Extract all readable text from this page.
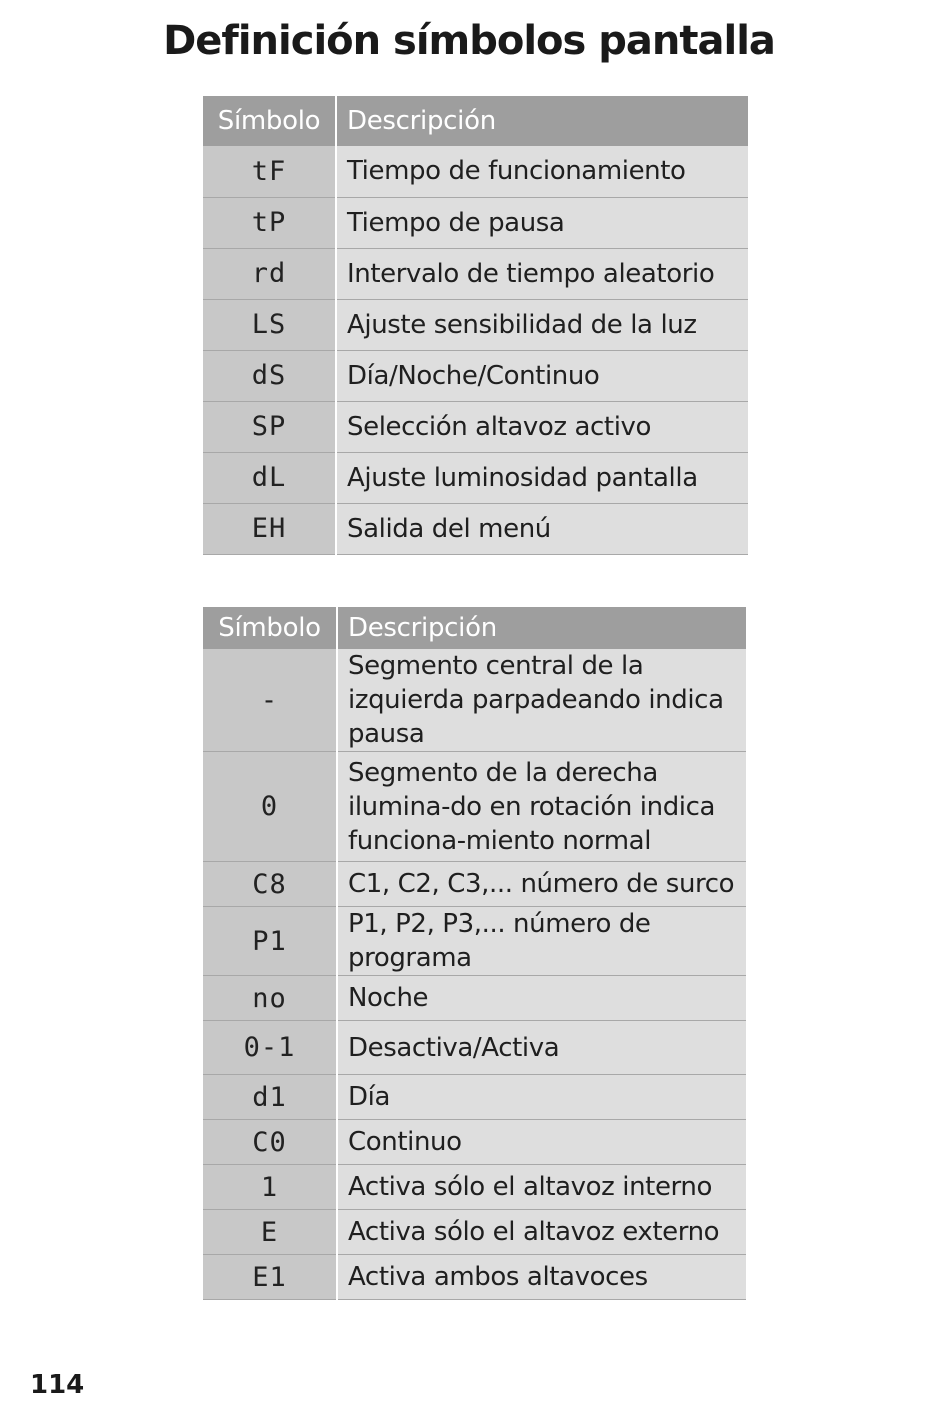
Definición símbolos pantalla
Símbolo	Descripción
tF	Tiempo de funcionamiento
tP	Tiempo de pausa
rd	Intervalo de tiempo aleatorio
LS	Ajuste sensibilidad de la luz
dS	Día/Noche/Continuo
SP	Selección altavoz activo
dL	Ajuste luminosidad pantalla
EH	Salida del menú
Símbolo	Descripción
-	Segmento central de la izquierda parpadeando indica pausa
0	Segmento de la derecha ilumina-do en rotación indica funciona-miento normal
C8	C1, C2, C3,... número de surco
P1	P1, P2, P3,... número de programa
no	Noche
0-1	Desactiva/Activa
d1	Día
C0	Continuo
1	Activa sólo el altavoz interno
E	Activa sólo el altavoz externo
E1	Activa ambos altavoces
114
